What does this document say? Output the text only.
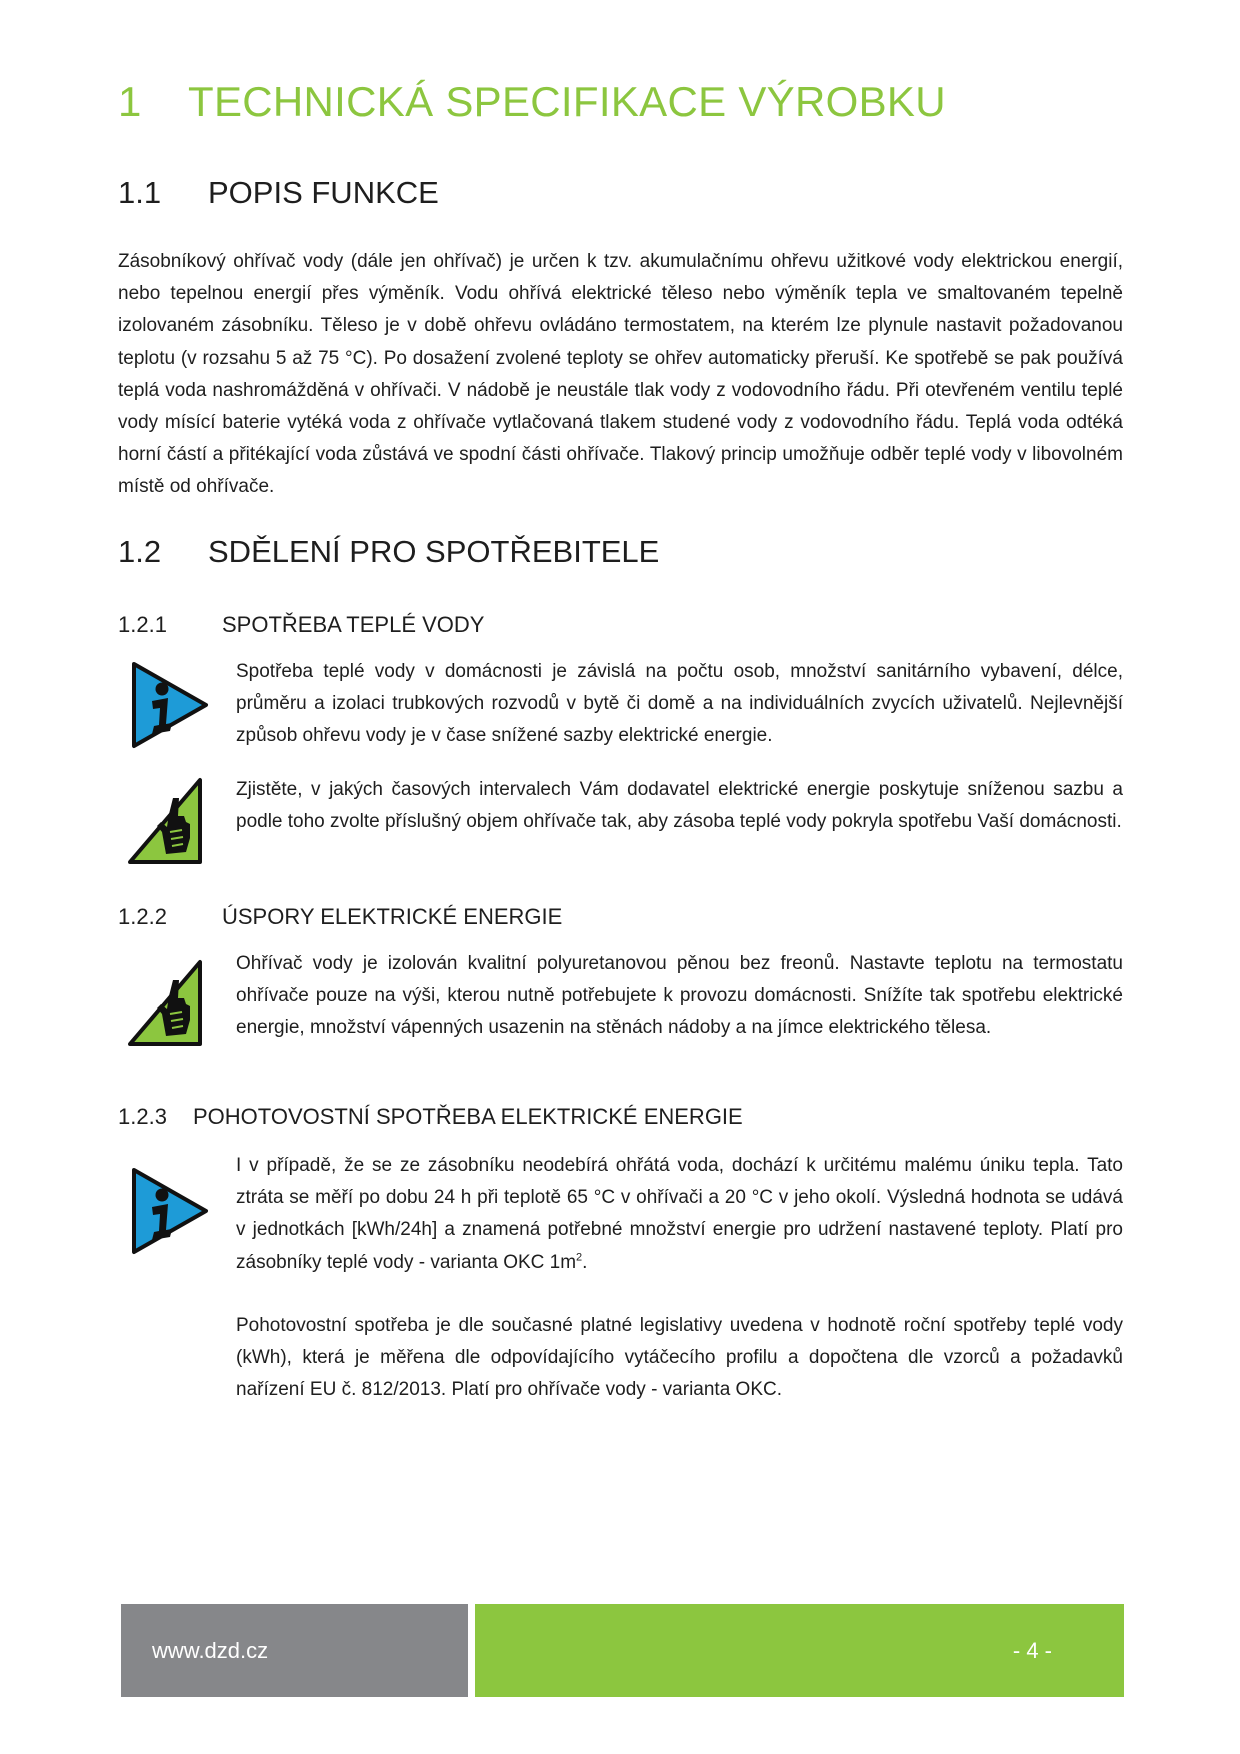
1 TECHNICKÁ SPECIFIKACE VÝROBKU
1.1 POPIS FUNKCE
Zásobníkový ohřívač vody (dále jen ohřívač) je určen k tzv. akumulačnímu ohřevu užitkové vody elektrickou energií, nebo tepelnou energií přes výměník. Vodu ohřívá elektrické těleso nebo výměník tepla ve smaltovaném tepelně izolovaném zásobníku. Těleso je v době ohřevu ovládáno termostatem, na kterém lze plynule nastavit požadovanou teplotu (v rozsahu 5 až 75 °C). Po dosažení zvolené teploty se ohřev automaticky přeruší. Ke spotřebě se pak používá teplá voda nashromážděná v ohřívači. V nádobě je neustále tlak vody z vodovodního řádu. Při otevřeném ventilu teplé vody mísící baterie vytéká voda z ohřívače vytlačovaná tlakem studené vody z vodovodního řádu. Teplá voda odtéká horní částí a přitékající voda zůstává ve spodní části ohřívače. Tlakový princip umožňuje odběr teplé vody v libovolném místě od ohřívače.
1.2 SDĚLENÍ PRO SPOTŘEBITELE
1.2.1	SPOTŘEBA TEPLÉ VODY
Spotřeba teplé vody v domácnosti je závislá na počtu osob, množství sanitárního vybavení, délce, průměru a izolaci trubkových rozvodů v bytě či domě a na individuálních zvycích uživatelů. Nejlevnější způsob ohřevu vody je v čase snížené sazby elektrické energie.
Zjistěte, v jakých časových intervalech Vám dodavatel elektrické energie poskytuje sníženou sazbu a podle toho zvolte příslušný objem ohřívače tak, aby zásoba teplé vody pokryla spotřebu Vaší domácnosti.
1.2.2	ÚSPORY ELEKTRICKÉ ENERGIE
Ohřívač vody je izolován kvalitní polyuretanovou pěnou bez freonů. Nastavte teplotu na termostatu ohřívače pouze na výši, kterou nutně potřebujete k provozu domácnosti. Snížíte tak spotřebu elektrické energie, množství vápenných usazenin na stěnách nádoby a na jímce elektrického tělesa.
1.2.3 POHOTOVOSTNÍ SPOTŘEBA ELEKTRICKÉ ENERGIE
I v případě, že se ze zásobníku neodebírá ohřátá voda, dochází k určitému malému úniku tepla. Tato ztráta se měří po dobu 24 h při teplotě 65 °C v ohřívači a 20 °C v jeho okolí. Výsledná hodnota se udává v jednotkách [kWh/24h] a znamená potřebné množství energie pro udržení nastavené teploty. Platí pro zásobníky teplé vody - varianta OKC $1m^2$.
Pohotovostní spotřeba je dle současné platné legislativy uvedena v hodnotě roční spotřeby teplé vody (kWh), která je měřena dle odpovídajícího vytáčecího profilu a dopočtena dle vzorců a požadavků nařízení EU č. 812/2013. Platí pro ohřívače vody - varianta OKC.
www.dzd.cz	- 4 -
